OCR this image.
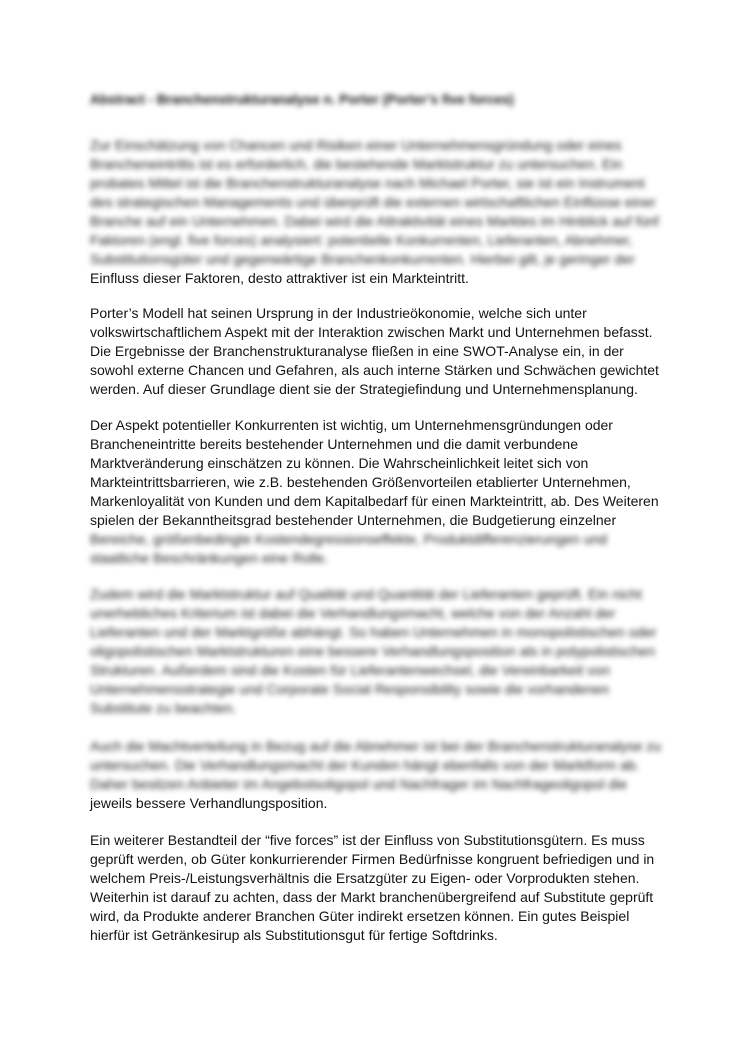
Abstract - Branchenstrukturanalyse n. Porter (Porter’s five forces)

Zur Einschätzung von Chancen und Risiken einer Unternehmensgründung oder eines
Brancheneintritts ist es erforderlich, die bestehende Marktstruktur zu untersuchen. Ein
probates Mittel ist die Branchenstrukturanalyse nach Michael Porter, sie ist ein Instrument
des strategischen Managements und überprüft die externen wirtschaftlichen Einflüsse einer
Branche auf ein Unternehmen. Dabei wird die Attraktivität eines Marktes im Hinblick auf fünf
Faktoren (engl. five forces) analysiert: potentielle Konkurrenten, Lieferanten, Abnehmer,
Substitutionsgüter und gegenwärtige Branchenkonkurrenten. Hierbei gilt, je geringer der
Einfluss dieser Faktoren, desto attraktiver ist ein Markteintritt.

Porter’s Modell hat seinen Ursprung in der Industrieökonomie, welche sich unter
volkswirtschaftlichem Aspekt mit der Interaktion zwischen Markt und Unternehmen befasst.
Die Ergebnisse der Branchenstrukturanalyse fließen in eine SWOT-Analyse ein, in der
sowohl externe Chancen und Gefahren, als auch interne Stärken und Schwächen gewichtet
werden. Auf dieser Grundlage dient sie der Strategiefindung und Unternehmensplanung.

Der Aspekt potentieller Konkurrenten ist wichtig, um Unternehmensgründungen oder
Brancheneintritte bereits bestehender Unternehmen und die damit verbundene
Marktveränderung einschätzen zu können. Die Wahrscheinlichkeit leitet sich von
Markteintrittsbarrieren, wie z.B. bestehenden Größenvorteilen etablierter Unternehmen,
Markenloyalität von Kunden und dem Kapitalbedarf für einen Markteintritt, ab. Des Weiteren
spielen der Bekanntheitsgrad bestehender Unternehmen, die Budgetierung einzelner
Bereiche, größenbedingte Kostendegressionseffekte, Produktdifferenzierungen und
staatliche Beschränkungen eine Rolle.

Zudem wird die Marktstruktur auf Qualität und Quantität der Lieferanten geprüft. Ein nicht
unerhebliches Kriterium ist dabei die Verhandlungsmacht, welche von der Anzahl der
Lieferanten und der Marktgröße abhängt. So haben Unternehmen in monopolistischen oder
oligopolistischen Marktstrukturen eine bessere Verhandlungsposition als in polypolistischen
Strukturen. Außerdem sind die Kosten für Lieferantenwechsel, die Vereinbarkeit von
Unternehmensstrategie und Corporate Social Responsibility sowie die vorhandenen
Substitute zu beachten.

Auch die Machtverteilung in Bezug auf die Abnehmer ist bei der Branchenstrukturanalyse zu
untersuchen. Die Verhandlungsmacht der Kunden hängt ebenfalls von der Marktform ab.
Daher besitzen Anbieter im Angebotsoligopol und Nachfrager im Nachfrageoligopol die
jeweils bessere Verhandlungsposition.

Ein weiterer Bestandteil der “five forces” ist der Einfluss von Substitutionsgütern. Es muss
geprüft werden, ob Güter konkurrierender Firmen Bedürfnisse kongruent befriedigen und in
welchem Preis-/Leistungsverhältnis die Ersatzgüter zu Eigen- oder Vorprodukten stehen.
Weiterhin ist darauf zu achten, dass der Markt branchenübergreifend auf Substitute geprüft
wird, da Produkte anderer Branchen Güter indirekt ersetzen können. Ein gutes Beispiel
hierfür ist Getränkesirup als Substitutionsgut für fertige Softdrinks.
